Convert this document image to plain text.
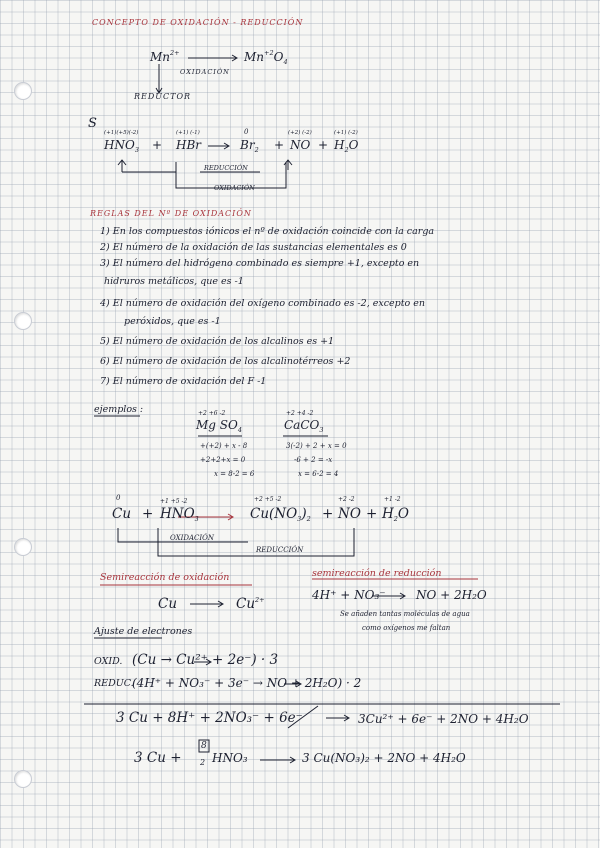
CONCEPTO DE OXIDACIÓN - REDUCCIÓN
$Mn^{2+}$	$Mn^{+2}O_4$
OXIDACIÓN
REDUCTOR
S
(+1)(+5)(-2)	(+1) (-1)	0	(+2) (-2)	(+1) (-2)
$HNO_3$ + HBr	$Br_2$ + NO + $H_2O$
REDUCCIÓN
OXIDACIÓN
REGLAS DEL Nº DE OXIDACIÓN
1) En los compuestos iónicos el nº de oxidación coincide con la carga
2) El número de la oxidación de las sustancias elementales es 0
3) El número del hidrógeno combinado es siempre +1, excepto en
hidruros metálicos, que es -1
4) El número de oxidación del oxígeno combinado es -2, excepto en
peróxidos, que es -1
5) El número de oxidación de los alcalinos es +1
6) El número de oxidación de los alcalinotérreos +2
7) El número de oxidación del F -1
ejemplos :	+2 +6 -2
Mg $SO_4$
+(+2) + x - 8
+2+2+x = 0
x = 8-2 = 6
+2 +4 -2
CaCO$_3$
3(-2) + 2 + x = 0
-6 + 2 = -x
x = 6-2 = 4
0	+1 +5 -2	+2 +5 -2	+2 -2	+1 -2
$Cu + HNO_3$	$Cu(NO_3)_2$ + NO + $H_2O$
OXIDACIÓN
REDUCCIÓN
Semireacción de oxidación
Cu	$Cu^{2+}$
semireacción de reducción
4H⁺ + NO₃⁻	NO + 2H₂O
Se añaden tantas moléculas de agua
como oxígenos me faltan
Ajuste de electrones
OXID. (Cu → Cu²⁺ + 2e⁻) · 3
REDUC.
(4H⁺ + NO₃⁻ + 3e⁻ → NO + 2H₂O) · 2
3 Cu + 8H⁺ + 2NO₃⁻ + 6e⁻	3Cu²⁺ + 6e⁻ + 2NO + 4H₂O
3 Cu +
8
2 HNO₃	3 Cu(NO₃)₂ + 2NO + 4H₂O
